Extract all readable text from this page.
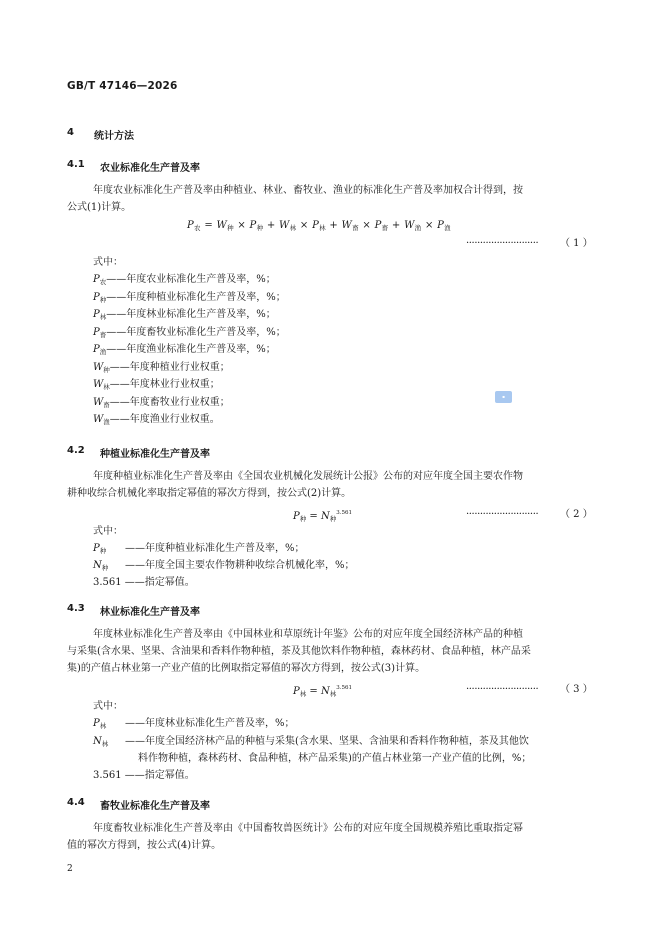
GB/T 47146—2026
4 统计方法
4.1 农业标准化生产普及率
年度农业标准化生产普及率由种植业、林业、畜牧业、渔业的标准化生产普及率加权合计得到，按
公式(1)计算。
$P_农 = W_种 \times P_种 + W_林 \times P_林 + W_畜 \times P_畜 + W_渔 \times P_渔$
·························· （ 1 ）
式中：
$P_农——$年度农业标准化生产普及率，%；
$P_种——$年度种植业标准化生产普及率，%；
$P_林——$年度林业标准化生产普及率，%；
$P_畜——$年度畜牧业标准化生产普及率，%；
$P_渔——$年度渔业标准化生产普及率，%；
$W_种——$年度种植业行业权重；
$W_林——$年度林业行业权重；
$W_畜——$年度畜牧业行业权重；
$W_渔——$年度渔业行业权重。
▪
4.2 种植业标准化生产普及率
年度种植业标准化生产普及率由《全国农业机械化发展统计公报》公布的对应年度全国主要农作物
耕种收综合机械化率取指定幂值的幂次方得到，按公式(2)计算。
$P_种 = N_种^{3.561}$	·························· （ 2 ）
式中：
$P_种$ ——年度种植业标准化生产普及率，%；
$N_种$ ——年度全国主要农作物耕种收综合机械化率，%；
3.561 ——指定幂值。
4.3 林业标准化生产普及率
年度林业标准化生产普及率由《中国林业和草原统计年鉴》公布的对应年度全国经济林产品的种植
与采集(含水果、坚果、含油果和香料作物种植，茶及其他饮料作物种植，森林药材、食品种植，林产品采
集)的产值占林业第一产业产值的比例取指定幂值的幂次方得到，按公式(3)计算。
$P_林 = N_林^{3.561}$	·························· （ 3 ）
式中：
$P_林$ ——年度林业标准化生产普及率，%；
$N_林$ ——年度全国经济林产品的种植与采集(含水果、坚果、含油果和香料作物种植，茶及其他饮
料作物种植，森林药材、食品种植，林产品采集)的产值占林业第一产业产值的比例，%；
3.561 ——指定幂值。
4.4 畜牧业标准化生产普及率
年度畜牧业标准化生产普及率由《中国畜牧兽医统计》公布的对应年度全国规模养殖比重取指定幂
值的幂次方得到，按公式(4)计算。
2
